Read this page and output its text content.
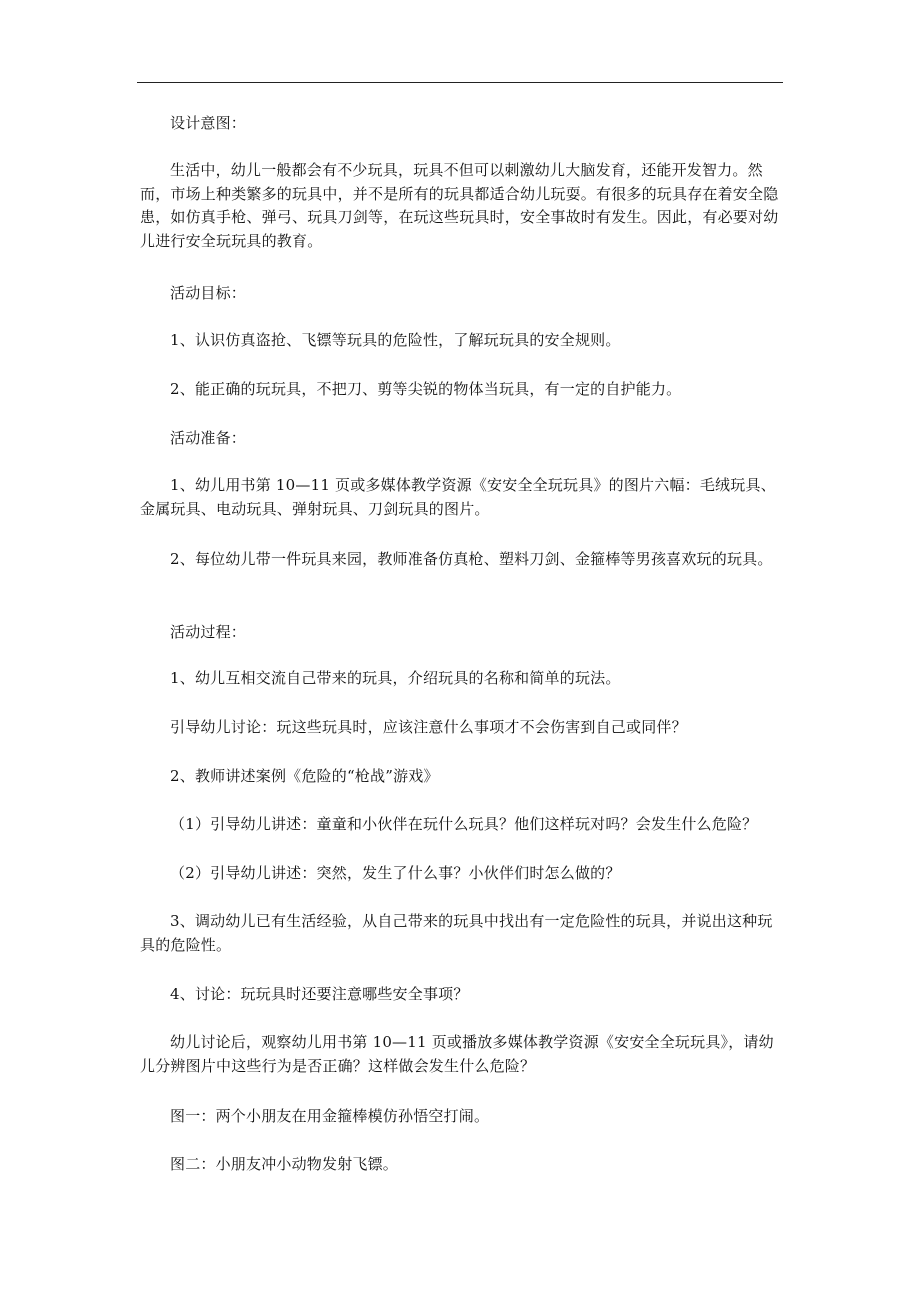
设计意图：

生活中，幼儿一般都会有不少玩具，玩具不但可以刺激幼儿大脑发育，还能开发智力。然而，市场上种类繁多的玩具中，并不是所有的玩具都适合幼儿玩耍。有很多的玩具存在着安全隐患，如仿真手枪、弹弓、玩具刀剑等，在玩这些玩具时，安全事故时有发生。因此，有必要对幼儿进行安全玩玩具的教育。

活动目标：

1、认识仿真盗抢、飞镖等玩具的危险性，了解玩玩具的安全规则。

2、能正确的玩玩具，不把刀、剪等尖锐的物体当玩具，有一定的自护能力。

活动准备：

1、幼儿用书第 10—11 页或多媒体教学资源《安安全全玩玩具》的图片六幅：毛绒玩具、金属玩具、电动玩具、弹射玩具、刀剑玩具的图片。

2、每位幼儿带一件玩具来园，教师准备仿真枪、塑料刀剑、金箍棒等男孩喜欢玩的玩具。

活动过程：

1、幼儿互相交流自己带来的玩具，介绍玩具的名称和简单的玩法。

引导幼儿讨论：玩这些玩具时，应该注意什么事项才不会伤害到自己或同伴？

2、教师讲述案例《危险的“枪战”游戏》

（1）引导幼儿讲述：童童和小伙伴在玩什么玩具？他们这样玩对吗？会发生什么危险？

（2）引导幼儿讲述：突然，发生了什么事？小伙伴们时怎么做的？

3、调动幼儿已有生活经验，从自己带来的玩具中找出有一定危险性的玩具，并说出这种玩具的危险性。

4、讨论：玩玩具时还要注意哪些安全事项？

幼儿讨论后，观察幼儿用书第 10—11 页或播放多媒体教学资源《安安全全玩玩具》，请幼儿分辨图片中这些行为是否正确？这样做会发生什么危险？

图一：两个小朋友在用金箍棒模仿孙悟空打闹。

图二：小朋友冲小动物发射飞镖。
